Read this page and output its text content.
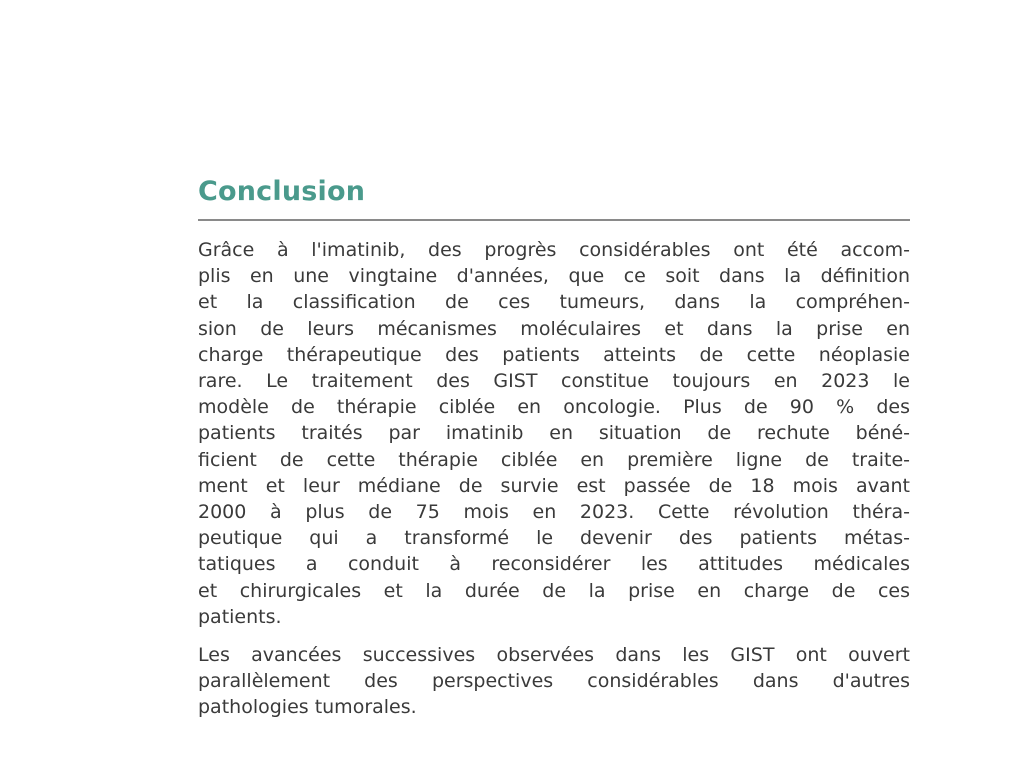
Conclusion

Grâce à l'imatinib, des progrès considérables ont été accom-
plis en une vingtaine d'années, que ce soit dans la définition
et la classification de ces tumeurs, dans la compréhen-
sion de leurs mécanismes moléculaires et dans la prise en
charge thérapeutique des patients atteints de cette néoplasie
rare. Le traitement des GIST constitue toujours en 2023 le
modèle de thérapie ciblée en oncologie. Plus de 90 % des
patients traités par imatinib en situation de rechute béné-
ficient de cette thérapie ciblée en première ligne de traite-
ment et leur médiane de survie est passée de 18 mois avant
2000 à plus de 75 mois en 2023. Cette révolution théra-
peutique qui a transformé le devenir des patients métas-
tatiques a conduit à reconsidérer les attitudes médicales
et chirurgicales et la durée de la prise en charge de ces
patients.

Les avancées successives observées dans les GIST ont ouvert
parallèlement des perspectives considérables dans d'autres
pathologies tumorales.
